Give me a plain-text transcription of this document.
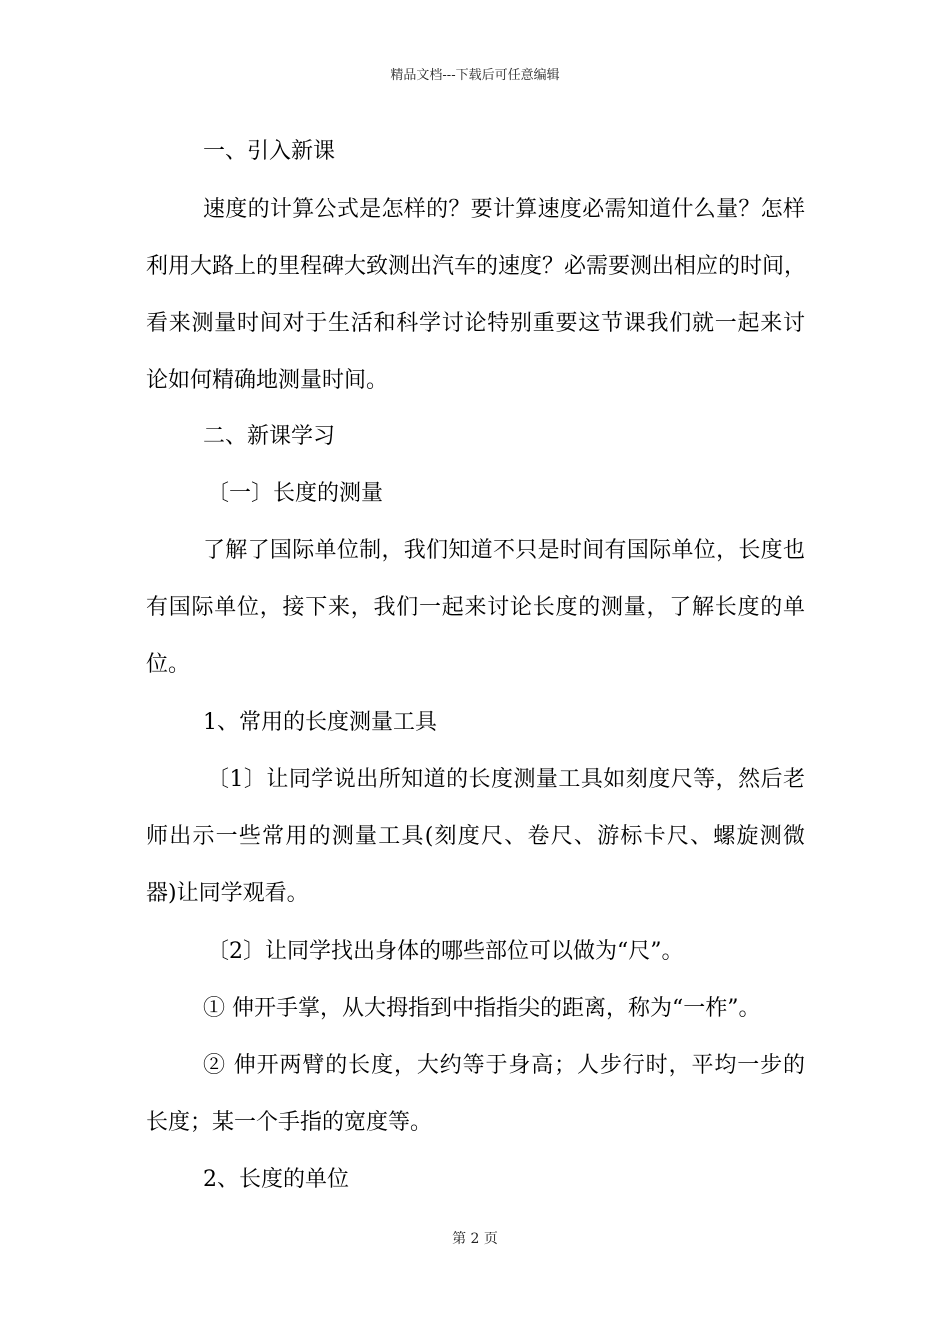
精品文档---下载后可任意编辑
一、引入新课
速度的计算公式是怎样的？要计算速度必需知道什么量？怎样
利用大路上的里程碑大致测出汽车的速度？必需要测出相应的时间，
看来测量时间对于生活和科学讨论特别重要这节课我们就一起来讨
论如何精确地测量时间。
二、新课学习
〔一〕长度的测量
了解了国际单位制，我们知道不只是时间有国际单位，长度也
有国际单位，接下来，我们一起来讨论长度的测量，了解长度的单
位。
1、常用的长度测量工具
〔1〕让同学说出所知道的长度测量工具如刻度尺等，然后老
师出示一些常用的测量工具(刻度尺、卷尺、游标卡尺、螺旋测微
器)让同学观看。
〔2〕让同学找出身体的哪些部位可以做为“尺”。
① 伸开手掌，从大拇指到中指指尖的距离，称为“一柞”。
② 伸开两臂的长度，大约等于身高；人步行时，平均一步的
长度；某一个手指的宽度等。
2、长度的单位
第 2 页
